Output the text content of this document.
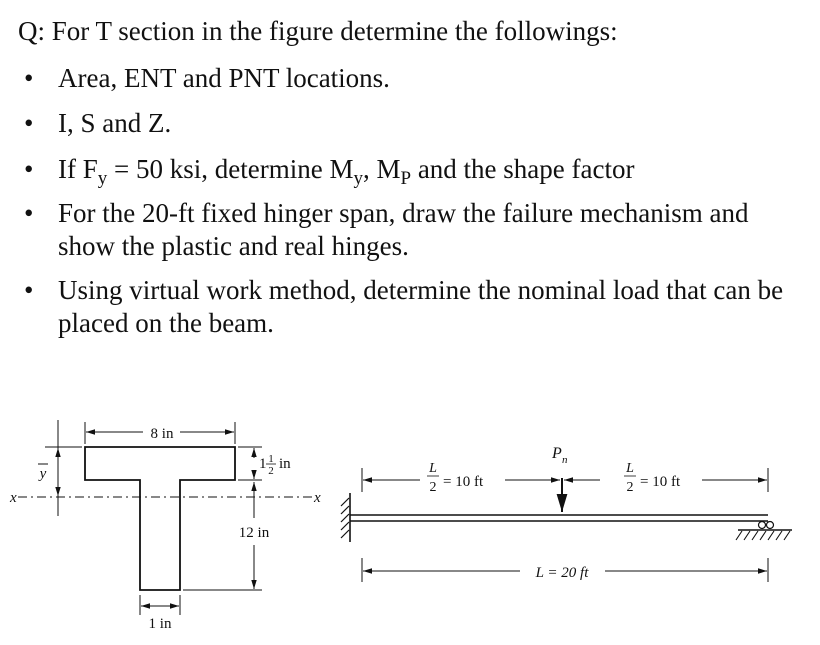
Q: For T section in the figure determine the followings:
• Area, ENT and PNT locations.
• I, S and Z.
• If $F_y = 50$ ksi, determine $M_y$, $M_P$ and the shape factor
• For the 20-ft fixed hinger span, draw the failure mechanism and show the plastic and real hinges.
• Using virtual work method, determine the nominal load that can be placed on the beam.
8 in
x	x
y
1 1
2 in
12 in
1 in
P n
L
2 = 10 ft
L
2 = 10 ft
L = 20 ft
